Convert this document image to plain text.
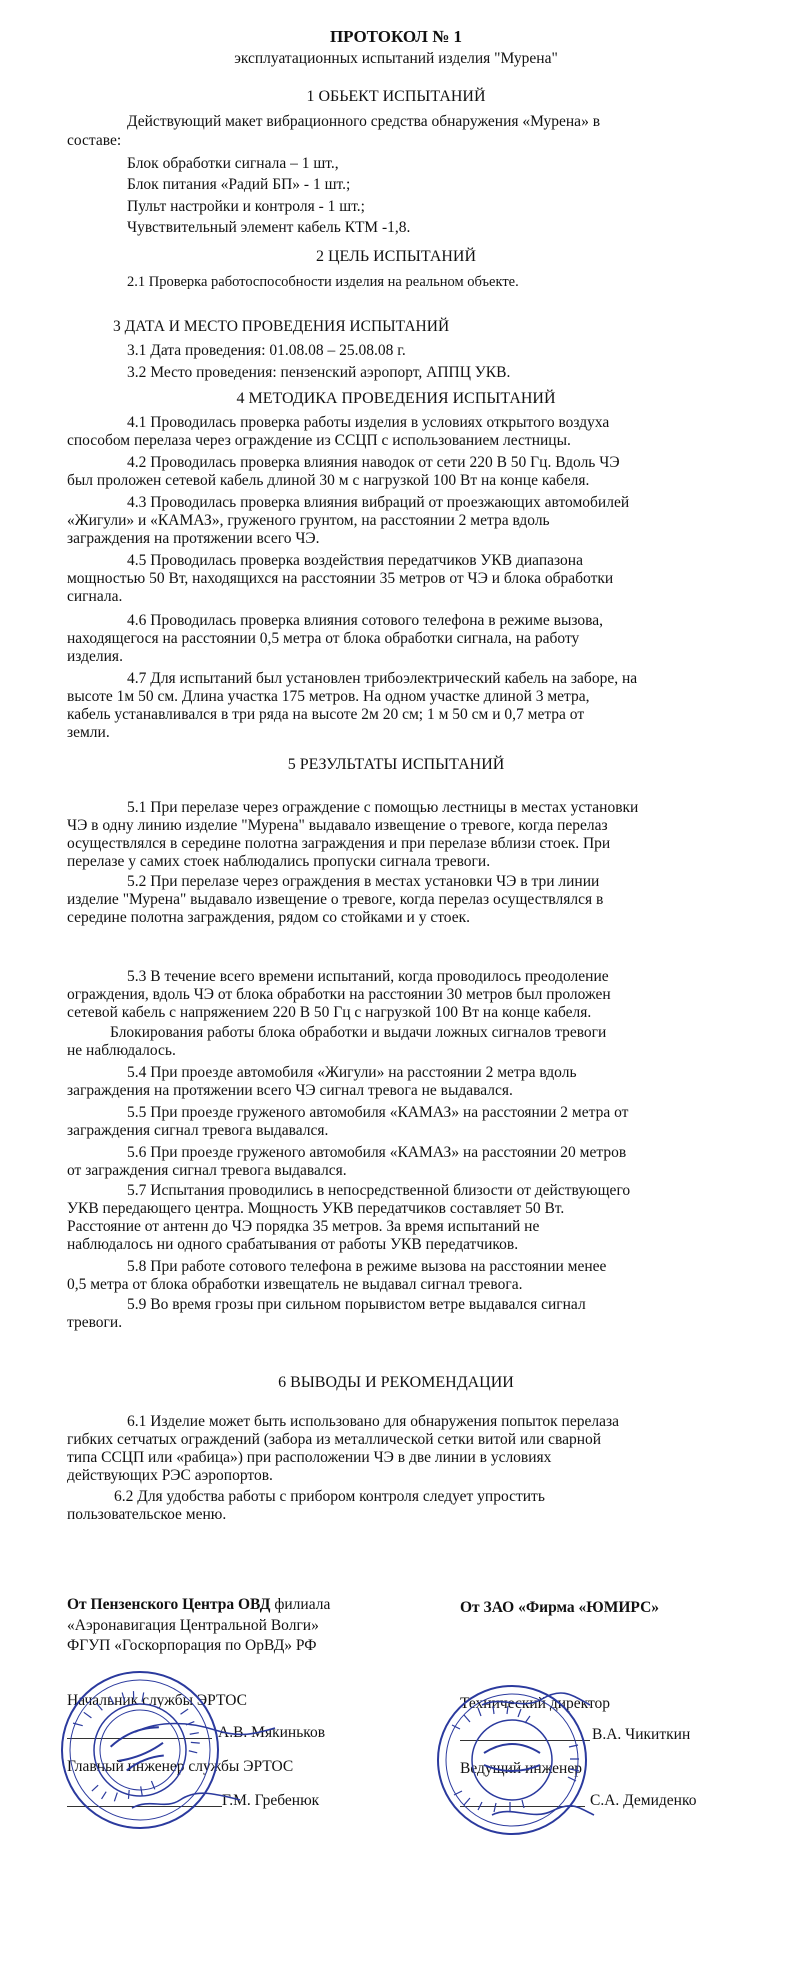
ПРОТОКОЛ № 1
эксплуатационных испытаний изделия "Мурена"
1 ОБЬЕКТ ИСПЫТАНИЙ
Действующий макет вибрационного средства обнаружения «Мурена» в
составе:
Блок обработки сигнала – 1 шт.,
Блок питания «Радий БП» - 1 шт.;
Пульт настройки и контроля - 1 шт.;
Чувствительный элемент кабель КТМ -1,8.
2 ЦЕЛЬ ИСПЫТАНИЙ
2.1 Проверка работоспособности изделия на реальном объекте.
3 ДАТА И МЕСТО ПРОВЕДЕНИЯ ИСПЫТАНИЙ
3.1 Дата проведения: 01.08.08 – 25.08.08 г.
3.2 Место проведения: пензенский аэропорт, АППЦ УКВ.
4 МЕТОДИКА ПРОВЕДЕНИЯ ИСПЫТАНИЙ
4.1 Проводилась проверка работы изделия в условиях открытого воздуха
способом перелаза через ограждение из ССЦП с использованием лестницы.
4.2 Проводилась проверка влияния наводок от сети 220 В 50 Гц. Вдоль ЧЭ
был проложен сетевой кабель длиной 30 м с нагрузкой 100 Вт на конце кабеля.
4.3 Проводилась проверка влияния вибраций от проезжающих автомобилей
«Жигули» и «КАМАЗ», груженого грунтом, на расстоянии 2 метра вдоль
заграждения на протяжении всего ЧЭ.
4.5 Проводилась проверка воздействия передатчиков УКВ диапазона
мощностью 50 Вт, находящихся на расстоянии 35 метров от ЧЭ и блока обработки
сигнала.
4.6 Проводилась проверка влияния сотового телефона в режиме вызова,
находящегося на расстоянии 0,5 метра от блока обработки сигнала, на работу
изделия.
4.7 Для испытаний был установлен трибоэлектрический кабель на заборе, на
высоте 1м 50 см. Длина участка 175 метров. На одном участке длиной 3 метра,
кабель устанавливался в три ряда на высоте 2м 20 см; 1 м 50 см и 0,7 метра от
земли.
5 РЕЗУЛЬТАТЫ ИСПЫТАНИЙ
5.1 При перелазе через ограждение с помощью лестницы в местах установки
ЧЭ в одну линию изделие "Мурена" выдавало извещение о тревоге, когда перелаз
осуществлялся в середине полотна заграждения и при перелазе вблизи стоек. При
перелазе у самих стоек наблюдались пропуски сигнала тревоги.
5.2 При перелазе через ограждения в местах установки ЧЭ в три линии
изделие "Мурена" выдавало извещение о тревоге, когда перелаз осуществлялся в
середине полотна заграждения, рядом со стойками и у стоек.
5.3 В течение всего времени испытаний, когда проводилось преодоление
ограждения, вдоль ЧЭ от блока обработки на расстоянии 30 метров был проложен
сетевой кабель с напряжением 220 В 50 Гц с нагрузкой 100 Вт на конце кабеля.
Блокирования работы блока обработки и выдачи ложных сигналов тревоги
не наблюдалось.
5.4 При проезде автомобиля «Жигули» на расстоянии 2 метра вдоль
заграждения на протяжении всего ЧЭ сигнал тревога не выдавался.
5.5 При проезде груженого автомобиля «КАМАЗ» на расстоянии 2 метра от
заграждения сигнал тревога выдавался.
5.6 При проезде груженого автомобиля «КАМАЗ» на расстоянии 20 метров
от заграждения сигнал тревога выдавался.
5.7 Испытания проводились в непосредственной близости от действующего
УКВ передающего центра. Мощность УКВ передатчиков составляет 50 Вт.
Расстояние от антенн до ЧЭ порядка 35 метров. За время испытаний не
наблюдалось ни одного срабатывания от работы УКВ передатчиков.
5.8 При работе сотового телефона в режиме вызова на расстоянии менее
0,5 метра от блока обработки извещатель не выдавал сигнал тревога.
5.9 Во время грозы при сильном порывистом ветре выдавался сигнал
тревоги.
6 ВЫВОДЫ И РЕКОМЕНДАЦИИ
6.1 Изделие может быть использовано для обнаружения попыток перелаза
гибких сетчатых ограждений (забора из металлической сетки витой или сварной
типа ССЦП или «рабица») при расположении ЧЭ в две линии в условиях
действующих РЭС аэропортов.
6.2 Для удобства работы с прибором контроля следует упростить
пользовательское меню.
От Пензенского Центра ОВД филиала
«Аэронавигация Центральной Волги»
ФГУП «Госкорпорация по ОрВД» РФ
Начальник службы ЭРТОС
А.В. Мякиньков
Главный инженер службы ЭРТОС
Г.М. Гребенюк
От ЗАО «Фирма «ЮМИРС»
Технический директор
В.А. Чикиткин
Ведущий инженер
С.А. Демиденко
